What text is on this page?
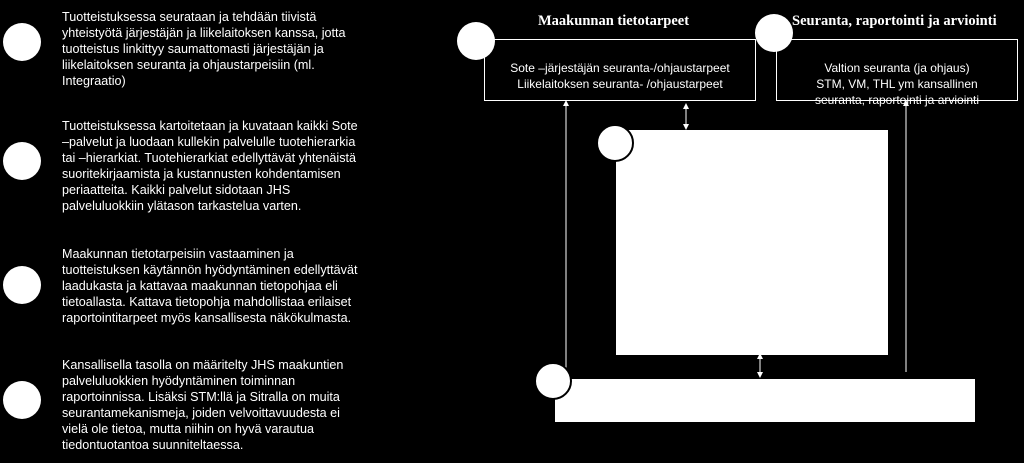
Tuotteistuksessa seurataan ja tehdään tiivistä
yhteistyötä järjestäjän ja liikelaitoksen kanssa, jotta
tuotteistus linkittyy saumattomasti järjestäjän ja
liikelaitoksen seuranta ja ohjaustarpeisiin (ml.
Integraatio)
Tuotteistuksessa kartoitetaan ja kuvataan kaikki Sote
–palvelut ja luodaan kullekin palvelulle tuotehierarkia
tai –hierarkiat. Tuotehierarkiat edellyttävät yhtenäistä
suoritekirjaamista ja kustannusten kohdentamisen
periaatteita. Kaikki palvelut sidotaan JHS
palveluluokkiin ylätason tarkastelua varten.
Maakunnan tietotarpeisiin vastaaminen ja
tuotteistuksen käytännön hyödyntäminen edellyttävät
laadukasta ja kattavaa maakunnan tietopohjaa eli
tietoallasta. Kattava tietopohja mahdollistaa erilaiset
raportointitarpeet myös kansallisesta näkökulmasta.
Kansallisella tasolla on määritelty JHS maakuntien
palveluluokkien hyödyntäminen toiminnan
raportoinnissa. Lisäksi STM:llä ja Sitralla on muita
seurantamekanismeja, joiden velvoittavuudesta ei
vielä ole tietoa, mutta niihin on hyvä varautua
tiedontuotantoa suunniteltaessa.
Maakunnan tietotarpeet

Sote –järjestäjän seuranta-/ohjaustarpeet
Liikelaitoksen seuranta- /ohjaustarpeet

Seuranta, raportointi ja arviointi

Valtion seuranta (ja ohjaus)
STM, VM, THL ym kansallinen
seuranta, raportointi ja arviointi
